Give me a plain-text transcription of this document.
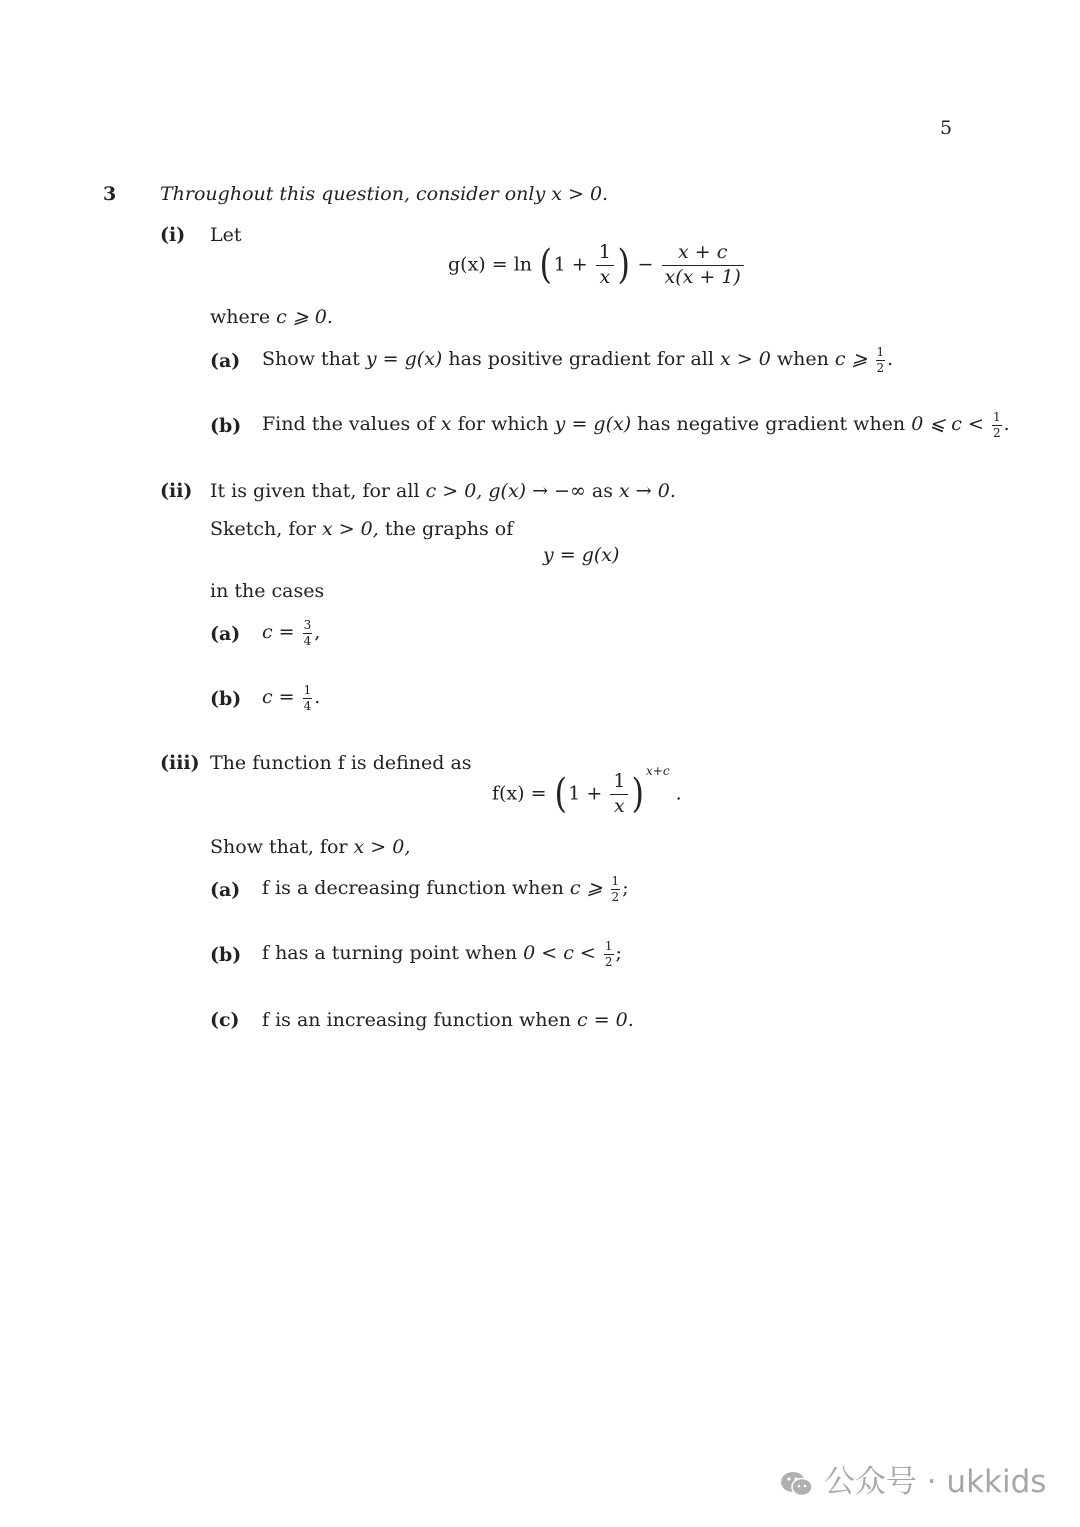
5
3 Throughout this question, consider only x > 0.
(i) Let
$g(x) = \ln (1 + \frac{1}{x}$ ) − $\frac{x + c}{x(x + 1)}$
where c ⩾ 0.
(a) Show that y = g(x) has positive gradient for all x > 0 when c ⩾ $\frac{1}{2}$ .
(b) Find the values of x for which y = g(x) has negative gradient when 0 ⩽ $c < \frac{1}{2}$ .
(ii) It is given that, for all c > 0, g(x) → −∞ as x → 0.
Sketch, for x > 0, the graphs of
y = g(x)
in the cases
(a) $c = \frac{3}{4}$ ,
(b) $c = \frac{1}{4}$ .
(iii) The function f is defined as
$f(x) = (1 + \frac{1}{x}$ ) $^{x+c}$ .
Show that, for x > 0,
(a) f is a decreasing function when c ⩾ $\frac{1}{2}$ ;
(b) f has a turning point when $0 < c < \frac{1}{2}$ ;
(c) f is an increasing function when c = 0.
公众号 · ukkids
